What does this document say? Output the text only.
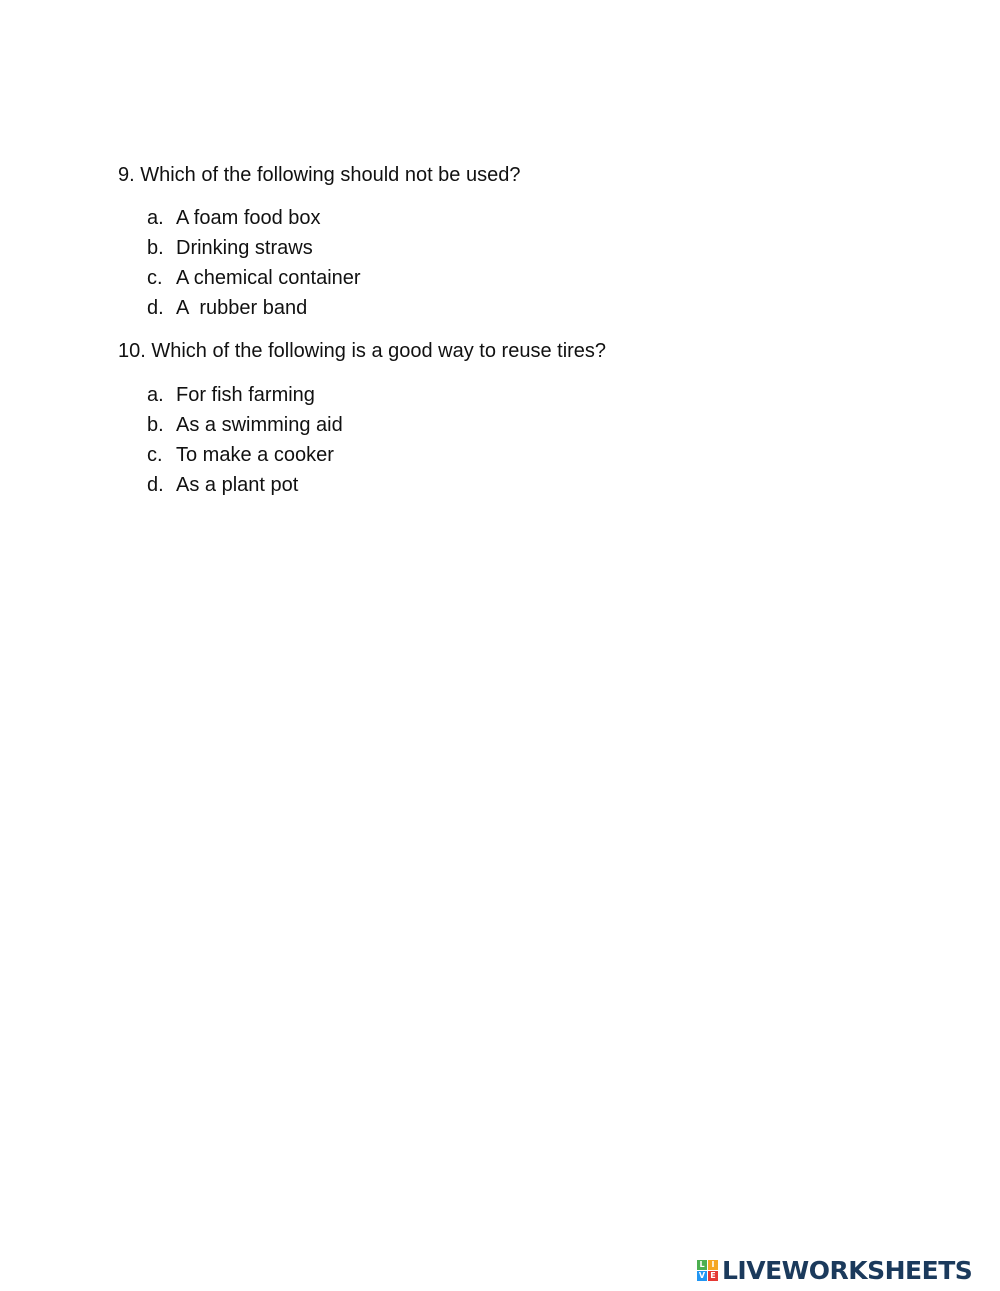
9. Which of the following should not be used?
a. A foam food box
b. Drinking straws
c. A chemical container
d. A  rubber band
10. Which of the following is a good way to reuse tires?
a. For fish farming
b. As a swimming aid
c. To make a cooker
d. As a plant pot
L I
V E LIVEWORKSHEETS
